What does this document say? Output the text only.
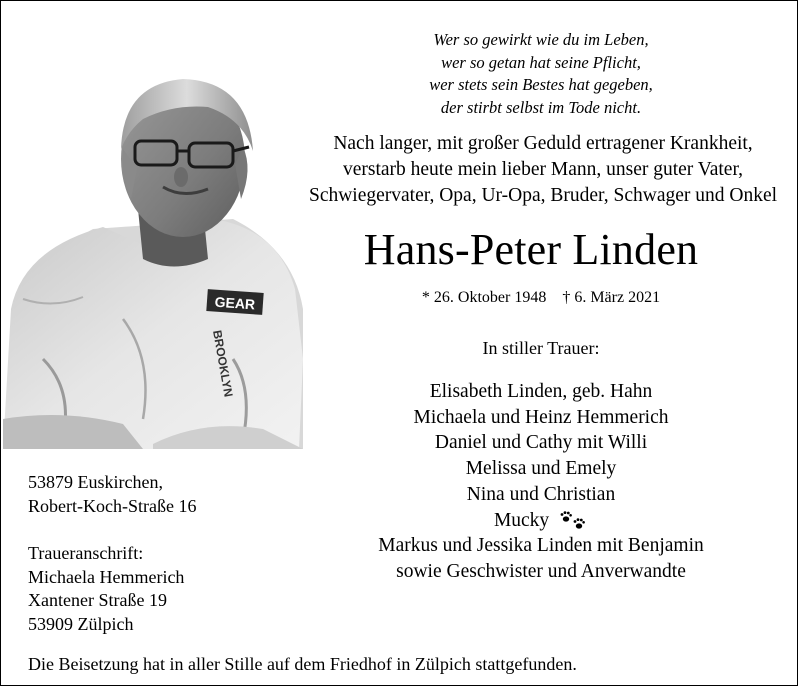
GEAR
BROOKLYN
Wer so gewirkt wie du im Leben,
wer so getan hat seine Pflicht,
wer stets sein Bestes hat gegeben,
der stirbt selbst im Tode nicht.
Nach langer, mit großer Geduld ertragener Krankheit,
verstarb heute mein lieber Mann, unser guter Vater,
Schwiegervater, Opa, Ur-Opa, Bruder, Schwager und Onkel
Hans-Peter Linden
* 26. Oktober 1948 † 6. März 2021
In stiller Trauer:
Elisabeth Linden, geb. Hahn
Michaela und Heinz Hemmerich
Daniel und Cathy mit Willi
Melissa und Emely
Nina und Christian
Mucky
Markus und Jessika Linden mit Benjamin
sowie Geschwister und Anverwandte
53879 Euskirchen,
Robert-Koch-Straße 16
Traueranschrift:
Michaela Hemmerich
Xantener Straße 19
53909 Zülpich
Die Beisetzung hat in aller Stille auf dem Friedhof in Zülpich stattgefunden.
